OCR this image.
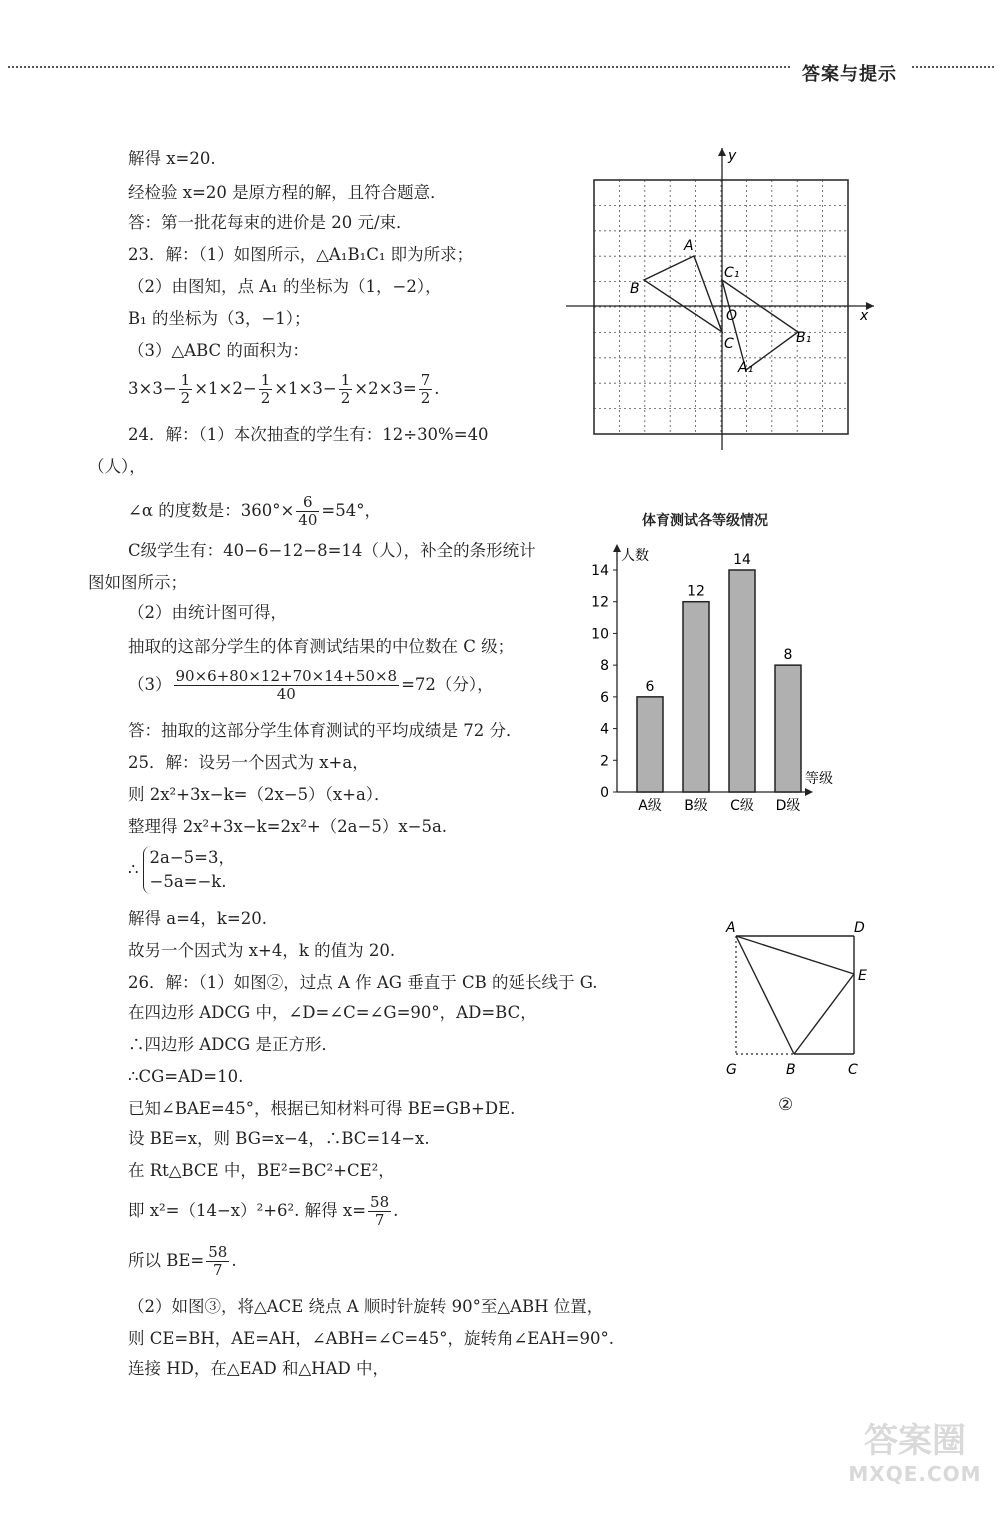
答案与提示
解得 x=20.
经检验 x=20 是原方程的解，且符合题意．
答：第一批花每束的进价是 20 元/束．
23．解：（1）如图所示，△A₁B₁C₁ 即为所求；
（2）由图知，点 A₁ 的坐标为（1，−2），
B₁ 的坐标为（3，−1）；
（3）△ABC 的面积为：
$3\times 3- \frac{1}{2} \times 1\times 2- \frac{1}{2} \times 1\times 3- \frac{1}{2} \times 2\times 3= \frac{7}{2}$ .
24．解：（1）本次抽查的学生有：12÷30%=40
（人），
∠α 的度数是：$360^\circ\times \frac{6}{40} =54^\circ$，
C级学生有：40−6−12−8=14（人），补全的条形统计
图如图所示；
（2）由统计图可得，
抽取的这部分学生的体育测试结果的中位数在 C 级；
$(3) \frac{90\times 6+80\times 12+70\times 14+50\times 8}{40} =72$（分），
答：抽取的这部分学生体育测试的平均成绩是 72 分．
25．解：设另一个因式为 x+a，
则 2x²+3x−k=（2x−5）（x+a）．
整理得 2x²+3x−k=2x²+（2a−5）x−5a.
∴
2a−5=3，
−5a=−k.
解得 a=4，k=20.
故另一个因式为 x+4，k 的值为 20.
26．解：（1）如图②，过点 A 作 AG 垂直于 CB 的延长线于 G.
在四边形 ADCG 中，∠D=∠C=∠G=90°，AD=BC，
∴四边形 ADCG 是正方形．
∴CG=AD=10.
已知∠BAE=45°，根据已知材料可得 BE=GB+DE.
设 BE=x，则 BG=x−4，∴BC=14−x.
在 Rt△BCE 中，BE²=BC²+CE²，
即 x²=（14−x）²+6². 解得 $x= \frac{58}{7}$ .
所以 $BE= \frac{58}{7}$ .
（2）如图③，将△ACE 绕点 A 顺时针旋转 90°至△ABH 位置，
则 CE=BH，AE=AH，∠ABH=∠C=45°，旋转角∠EAH=90°.
连接 HD，在△EAD 和△HAD 中，
x
y
A
B
C
O
C₁
B₁
A₁
体育测试各等级情况
人数
等级
0
2
4
6
8
10
12
14
6
A级
12
B级
14
C级
8
D级
A	D
E
G	B	C
②
答案圈
MXQE.COM
